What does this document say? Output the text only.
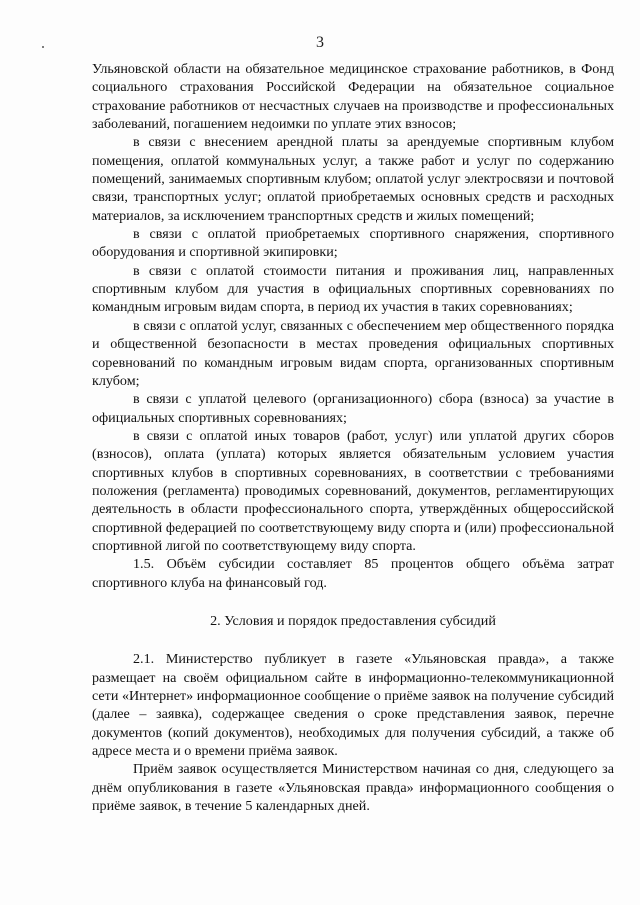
3

Ульяновской области на обязательное медицинское страхование работников, в Фонд социального страхования Российской Федерации на обязательное социальное страхование работников от несчастных случаев на производстве и профессиональных заболеваний, погашением недоимки по уплате этих взносов;

в связи с внесением арендной платы за арендуемые спортивным клубом помещения, оплатой коммунальных услуг, а также работ и услуг по содержанию помещений, занимаемых спортивным клубом; оплатой услуг электросвязи и почтовой связи, транспортных услуг; оплатой приобретаемых основных средств и расходных материалов, за исключением транспортных средств и жилых помещений;

в связи с оплатой приобретаемых спортивного снаряжения, спортивного оборудования и спортивной экипировки;

в связи с оплатой стоимости питания и проживания лиц, направленных спортивным клубом для участия в официальных спортивных соревнованиях по командным игровым видам спорта, в период их участия в таких соревнованиях;

в связи с оплатой услуг, связанных с обеспечением мер общественного порядка и общественной безопасности в местах проведения официальных спортивных соревнований по командным игровым видам спорта, организованных спортивным клубом;

в связи с уплатой целевого (организационного) сбора (взноса) за участие в официальных спортивных соревнованиях;

в связи с оплатой иных товаров (работ, услуг) или уплатой других сборов (взносов), оплата (уплата) которых является обязательным условием участия спортивных клубов в спортивных соревнованиях, в соответствии с требованиями положения (регламента) проводимых соревнований, документов, регламентирующих деятельность в области профессионального спорта, утверждённых общероссийской спортивной федерацией по соответствующему виду спорта и (или) профессиональной спортивной лигой по соответствующему виду спорта.

1.5. Объём субсидии составляет 85 процентов общего объёма затрат спортивного клуба на финансовый год.

2. Условия и порядок предоставления субсидий

2.1. Министерство публикует в газете «Ульяновская правда», а также размещает на своём официальном сайте в информационно-телекоммуникационной сети «Интернет» информационное сообщение о приёме заявок на получение субсидий (далее – заявка), содержащее сведения о сроке представления заявок, перечне документов (копий документов), необходимых для получения субсидий, а также об адресе места и о времени приёма заявок.

Приём заявок осуществляется Министерством начиная со дня, следующего за днём опубликования в газете «Ульяновская правда» информационного сообщения о приёме заявок, в течение 5 календарных дней.
